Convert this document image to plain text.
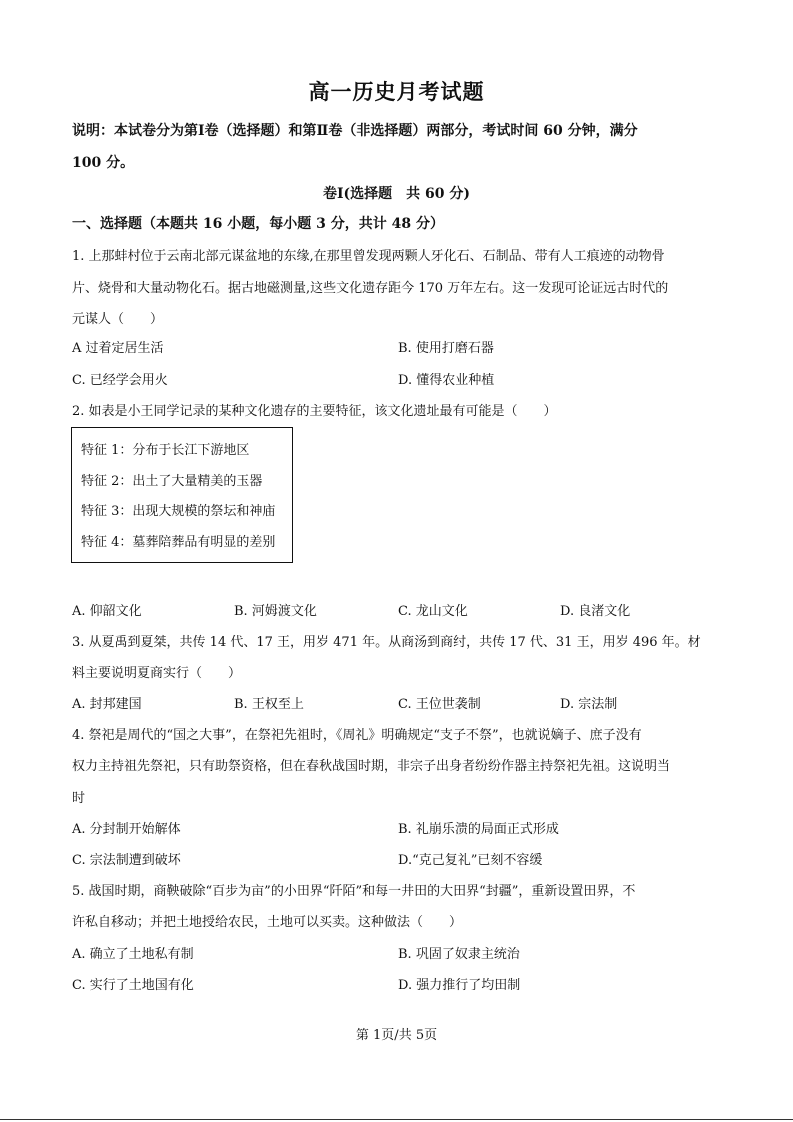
高一历史月考试题
说明：本试卷分为第Ⅰ卷（选择题）和第Ⅱ卷（非选择题）两部分，考试时间 60 分钟，满分
100 分。
卷Ⅰ(选择题　共 60 分)
一、选择题（本题共 16 小题，每小题 3 分，共计 48 分）
1. 上那蚌村位于云南北部元谋盆地的东缘,在那里曾发现两颗人牙化石、石制品、带有人工痕迹的动物骨
片、烧骨和大量动物化石。据古地磁测量,这些文化遗存距今 170 万年左右。这一发现可论证远古时代的
元谋人（　　）
A 过着定居生活	B. 使用打磨石器
C. 已经学会用火	D. 懂得农业种植
2. 如表是小王同学记录的某种文化遗存的主要特征，该文化遗址最有可能是（　　）
特征 1：分布于长江下游地区
特征 2：出土了大量精美的玉器
特征 3：出现大规模的祭坛和神庙
特征 4：墓葬陪葬品有明显的差别
A. 仰韶文化	B. 河姆渡文化	C. 龙山文化	D. 良渚文化
3. 从夏禹到夏桀，共传 14 代、17 王，用岁 471 年。从商汤到商纣，共传 17 代、31 王，用岁 496 年。材
料主要说明夏商实行（　　）
A. 封邦建国	B. 王权至上	C. 王位世袭制	D. 宗法制
4. 祭祀是周代的“国之大事”，在祭祀先祖时，《周礼》明确规定“支子不祭”，也就说嫡子、庶子没有
权力主持祖先祭祀，只有助祭资格，但在春秋战国时期，非宗子出身者纷纷作器主持祭祀先祖。这说明当
时
A. 分封制开始解体	B. 礼崩乐溃的局面正式形成
C. 宗法制遭到破坏	D.“克己复礼”已刻不容缓
5. 战国时期，商鞅破除“百步为亩”的小田界“阡陌”和每一井田的大田界“封疆”，重新设置田界，不
许私自移动；并把土地授给农民，土地可以买卖。这种做法（　　）
A. 确立了土地私有制	B. 巩固了奴隶主统治
C. 实行了土地国有化	D. 强力推行了均田制
第 1页/共 5页
